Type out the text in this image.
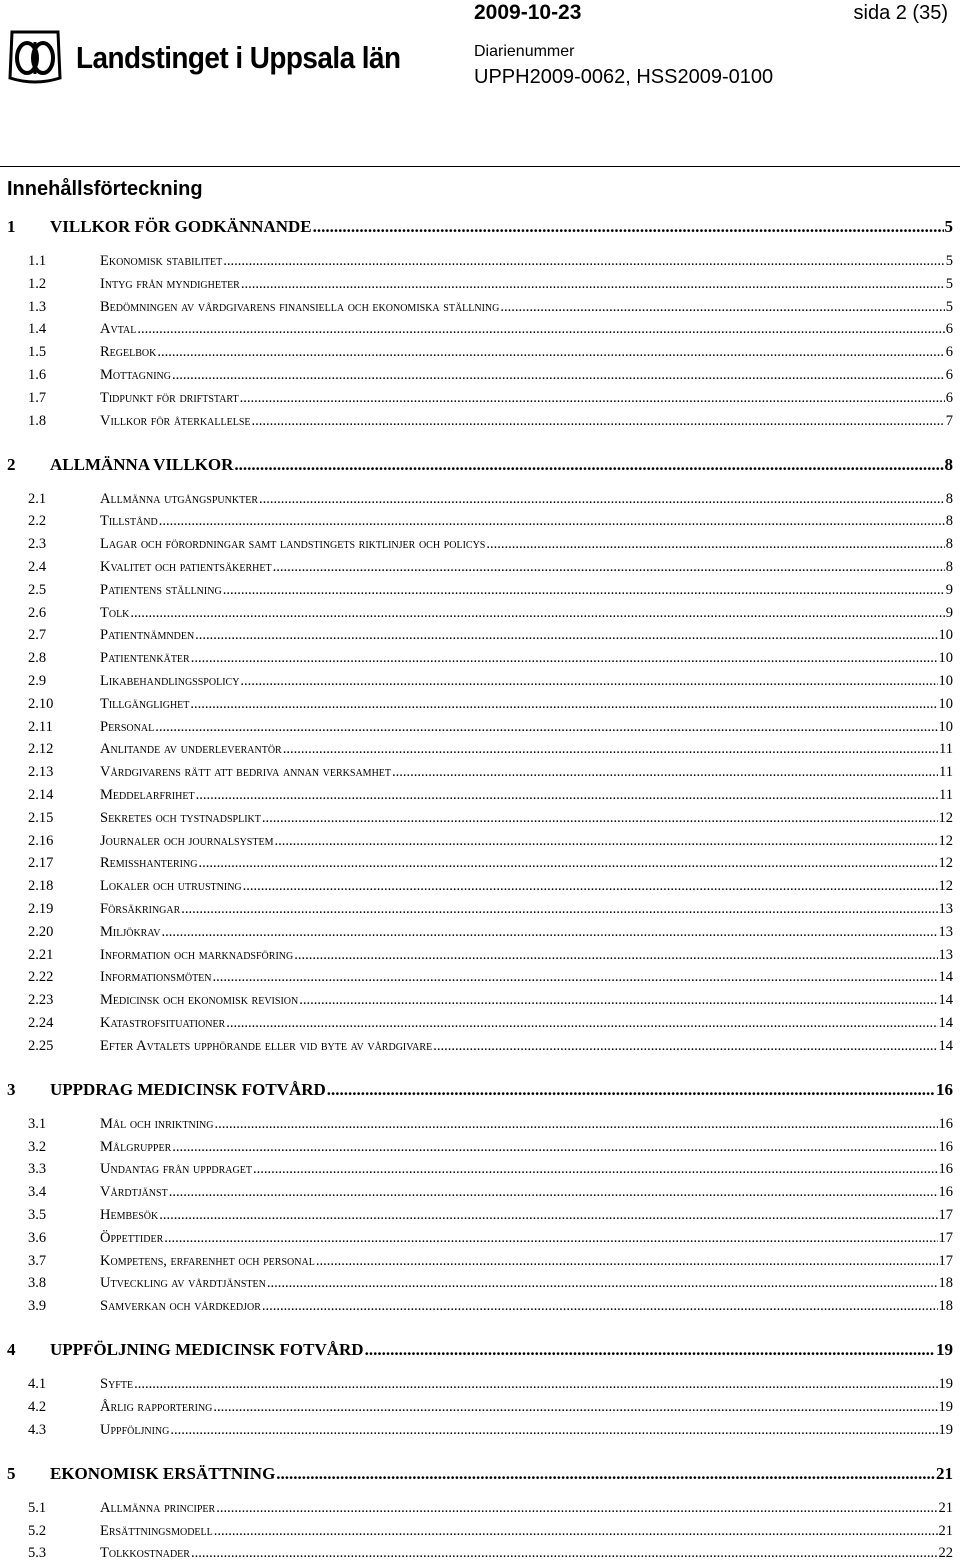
Landstinget i Uppsala län
2009-10-23	sida 2 (35)
Diarienummer
UPPH2009-0062, HSS2009-0100
Innehållsförteckning
1 VILLKOR FÖR GODKÄNNANDE .....	5
1.1	Ekonomisk stabilitet .....	5
1.2	Intyg från myndigheter .....	5
1.3	Bedömningen av vårdgivarens finansiella och ekonomiska ställning .....	5
1.4	Avtal .....	6
1.5	Regelbok .....	6
1.6	Mottagning .....	6
1.7	Tidpunkt för driftstart .....	6
1.8	Villkor för återkallelse .....	7
2 ALLMÄNNA VILLKOR .....	8
2.1	Allmänna utgångspunkter .....	8
2.2	Tillstånd .....	8
2.3	Lagar och förordningar samt landstingets riktlinjer och policys .....	8
2.4	Kvalitet och patientsäkerhet .....	8
2.5	Patientens ställning .....	9
2.6	Tolk .....	9
2.7	Patientnämnden .....	10
2.8	Patientenkäter .....	10
2.9	Likabehandlingsspolicy .....	10
2.10	Tillgänglighet .....	10
2.11	Personal .....	10
2.12	Anlitande av underleverantör .....	11
2.13	Vårdgivarens rätt att bedriva annan verksamhet .....	11
2.14	Meddelarfrihet .....	11
2.15	Sekretes och tystnadsplikt .....	12
2.16	Journaler och journalsystem .....	12
2.17	Remisshantering .....	12
2.18	Lokaler och utrustning .....	12
2.19	Försäkringar .....	13
2.20	Miljökrav .....	13
2.21	Information och marknadsföring .....	13
2.22	Informationsmöten .....	14
2.23	Medicinsk och ekonomisk revision .....	14
2.24	Katastrofsituationer .....	14
2.25	Efter Avtalets upphörande eller vid byte av vårdgivare .....	14
3 UPPDRAG MEDICINSK FOTVÅRD .....	16
3.1	Mål och inriktning .....	16
3.2	Målgrupper .....	16
3.3	Undantag från uppdraget .....	16
3.4	Vårdtjänst .....	16
3.5	Hembesök .....	17
3.6	Öppettider .....	17
3.7	Kompetens, erfarenhet och personal .....	17
3.8	Utveckling av vårdtjänsten .....	18
3.9	Samverkan och vårdkedjor .....	18
4 UPPFÖLJNING MEDICINSK FOTVÅRD .....	19
4.1	Syfte .....	19
4.2	Årlig rapportering .....	19
4.3	Uppföljning .....	19
5 EKONOMISK ERSÄTTNING .....	21
5.1	Allmänna principer .....	21
5.2	Ersättningsmodell .....	21
5.3	Tolkkostnader .....	22
